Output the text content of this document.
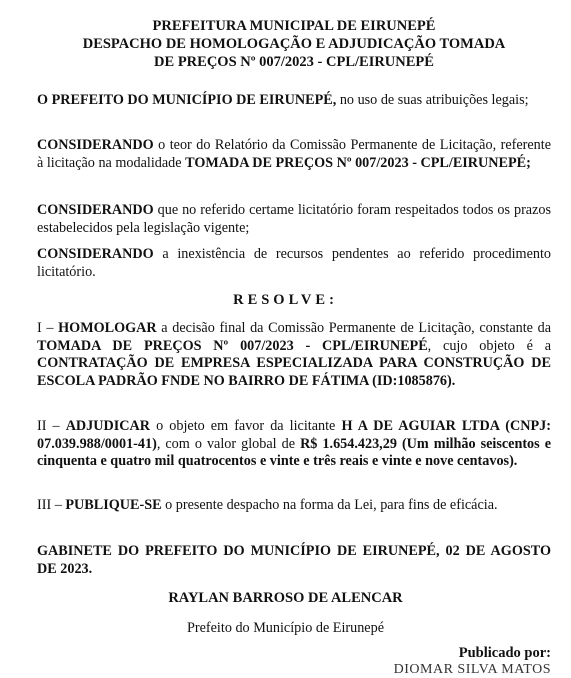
PREFEITURA MUNICIPAL DE EIRUNEPÉ
DESPACHO DE HOMOLOGAÇÃO E ADJUDICAÇÃO TOMADA
DE PREÇOS Nº 007/2023 - CPL/EIRUNEPÉ

O PREFEITO DO MUNICÍPIO DE EIRUNEPÉ, no uso de suas atribuições legais;

CONSIDERANDO o teor do Relatório da Comissão Permanente de Licitação, referente à licitação na modalidade TOMADA DE PREÇOS Nº 007/2023 - CPL/EIRUNEPÉ;

CONSIDERANDO que no referido certame licitatório foram respeitados todos os prazos estabelecidos pela legislação vigente;

CONSIDERANDO a inexistência de recursos pendentes ao referido procedimento licitatório.

RESOLVE:

I – HOMOLOGAR a decisão final da Comissão Permanente de Licitação, constante da TOMADA DE PREÇOS Nº 007/2023 - CPL/EIRUNEPÉ, cujo objeto é a CONTRATAÇÃO DE EMPRESA ESPECIALIZADA PARA CONSTRUÇÃO DE ESCOLA PADRÃO FNDE NO BAIRRO DE FÁTIMA (ID:1085876).

II – ADJUDICAR o objeto em favor da licitante H A DE AGUIAR LTDA (CNPJ: 07.039.988/0001-41), com o valor global de R$ 1.654.423,29 (Um milhão seiscentos e cinquenta e quatro mil quatrocentos e vinte e três reais e vinte e nove centavos).

III – PUBLIQUE-SE o presente despacho na forma da Lei, para fins de eficácia.

GABINETE DO PREFEITO DO MUNICÍPIO DE EIRUNEPÉ, 02 DE AGOSTO DE 2023.

RAYLAN BARROSO DE ALENCAR
Prefeito do Município de Eirunepé
Publicado por:
DIOMAR SILVA MATOS
